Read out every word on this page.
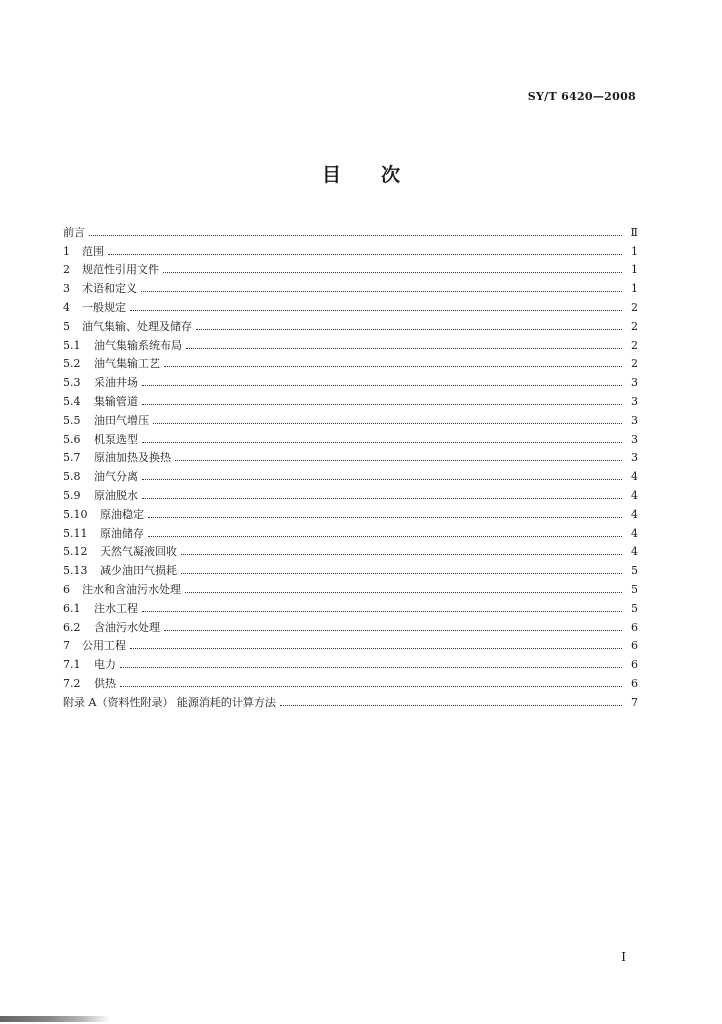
SY/T 6420—2008
目 次
前言	Ⅱ
1	范围	1
2	规范性引用文件	1
3	术语和定义	1
4	一般规定	2
5	油气集输、处理及储存	2
5.1	油气集输系统布局	2
5.2	油气集输工艺	2
5.3	采油井场	3
5.4	集输管道	3
5.5	油田气增压	3
5.6	机泵选型	3
5.7	原油加热及换热	3
5.8	油气分离	4
5.9	原油脱水	4
5.10	原油稳定	4
5.11	原油储存	4
5.12	天然气凝液回收	4
5.13	减少油田气损耗	5
6	注水和含油污水处理	5
6.1	注水工程	5
6.2	含油污水处理	6
7	公用工程	6
7.1	电力	6
7.2	供热	6
附录 A（资料性附录） 能源消耗的计算方法	7
I
